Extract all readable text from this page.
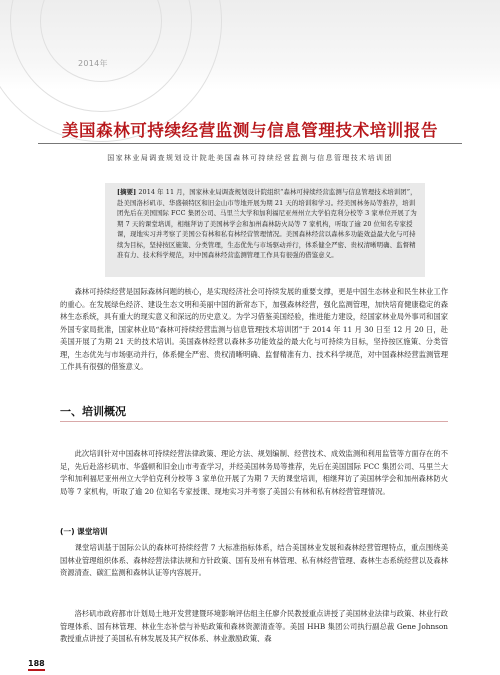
2014年
美国森林可持续经营监测与信息管理技术培训报告
国家林业局调查规划设计院赴美国森林可持续经营监测与信息管理技术培训团
[摘要] 2014 年 11 月，国家林业局调查规划设计院组织“森林可持续经营监测与信息管理技术培训团”，赴美国洛杉矶市、华盛顿特区和旧金山市等地开展为期 21 天的培训和学习。经美国林务局等推荐，培训团先后在美国国际 FCC 集团公司、马里兰大学和加利福尼亚州州立大学伯克利分校等 3 家单位开展了为期 7 天的课堂培训，相继拜访了美国林学会和加州森林防火局等 7 家机构，听取了逾 20 位知名专家授课，现地实习并考察了美国公有林和私有林经营管理情况。美国森林经营以森林多功能效益最大化与可持续为目标，坚持按区施策、分类管理，生态优先与市场驱动并行，体系健全严密、贵权清晰明确、监督精准有力、技术科学规范，对中国森林经营监测管理工作具有很强的借鉴意义。

森林可持续经营是国际森林问题的核心，是实现经济社会可持续发展的重要支撑，更是中国生态林业和民生林业工作的重心。在发展绿色经济、建设生态文明和美丽中国的新常态下，加强森林经营，强化监测管理，加快培育健康稳定的森林生态系统，具有重大的现实意义和深远的历史意义。为学习借鉴美国经验，推进能力建设，经国家林业局外事司和国家外国专家局批准，国家林业局“森林可持续经营监测与信息管理技术培训团”于 2014 年 11 月 30 日至 12 月 20 日，赴美国开展了为期 21 天的技术培训。美国森林经营以森林多功能效益的最大化与可持续为目标，坚持按区施策、分类管理，生态优先与市场驱动并行，体系健全严密、贵权清晰明确、监督精准有力、技术科学规范，对中国森林经营监测管理工作具有很强的借鉴意义。

一、培训概况

此次培训针对中国森林可持续经营法律政策、理论方法、规划编制、经营技术、成效监测和利用监管等方面存在的不足，先后赴洛杉矶市、华盛顿和旧金山市考查学习，并经美国林务局等推荐，先后在美国国际 FCC 集团公司、马里兰大学和加利福尼亚州州立大学伯克利分校等 3 家单位开展了为期 7 天的课堂培训，相继拜访了美国林学会和加州森林防火局等 7 家机构，听取了逾 20 位知名专家授课、现地实习并考察了美国公有林和私有林经营管理情况。

(一) 课堂培训

课堂培训基于国际公认的森林可持续经营 7 大标准指标体系，结合美国林业发展和森林经营管理特点，重点围绕美国林业管理组织体系、森林经营法律法规和方针政策、国有及州有林管理、私有林经营管理、森林生态系统经营以及森林资源清查、碳汇监测和森林认证等内容展开。

洛杉矶市政府都市计划局土地开发营建暨环境影响评估组主任廖介民教授重点讲授了美国林业法律与政策、林业行政管理体系、国有林管理、林业生态补偿与补贴政策和森林资源清查等。美国 HHB 集团公司执行副总裁 Gene Johnson 教授重点讲授了美国私有林发展及其产权体系、林业激励政策、森

188
